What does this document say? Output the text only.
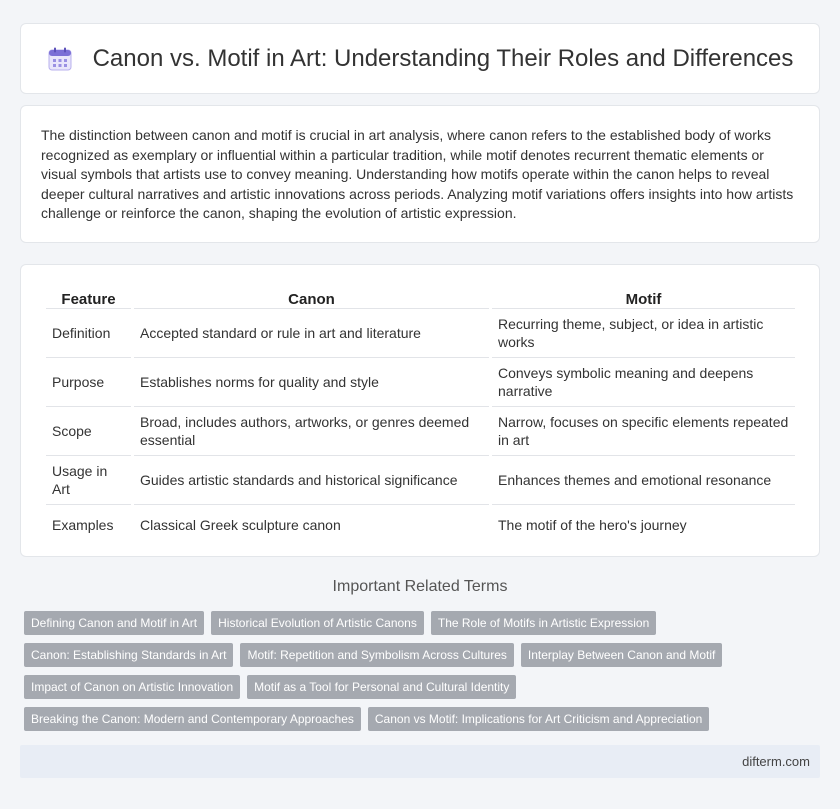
Canon vs. Motif in Art: Understanding Their Roles and Differences

The distinction between canon and motif is crucial in art analysis, where canon refers to the established body of works recognized as exemplary or influential within a particular tradition, while motif denotes recurrent thematic elements or visual symbols that artists use to convey meaning. Understanding how motifs operate within the canon helps to reveal deeper cultural narratives and artistic innovations across periods. Analyzing motif variations offers insights into how artists challenge or reinforce the canon, shaping the evolution of artistic expression.

Feature	Canon	Motif
Definition	Accepted standard or rule in art and literature	Recurring theme, subject, or idea in artistic works
Purpose	Establishes norms for quality and style	Conveys symbolic meaning and deepens narrative
Scope	Broad, includes authors, artworks, or genres deemed essential	Narrow, focuses on specific elements repeated in art
Usage in Art	Guides artistic standards and historical significance	Enhances themes and emotional resonance
Examples	Classical Greek sculpture canon	The motif of the hero's journey
Important Related Terms
Defining Canon and Motif in Art	Historical Evolution of Artistic Canons	The Role of Motifs in Artistic Expression
Canon: Establishing Standards in Art	Motif: Repetition and Symbolism Across Cultures	Interplay Between Canon and Motif
Impact of Canon on Artistic Innovation	Motif as a Tool for Personal and Cultural Identity
Breaking the Canon: Modern and Contemporary Approaches	Canon vs Motif: Implications for Art Criticism and Appreciation
difterm.com
